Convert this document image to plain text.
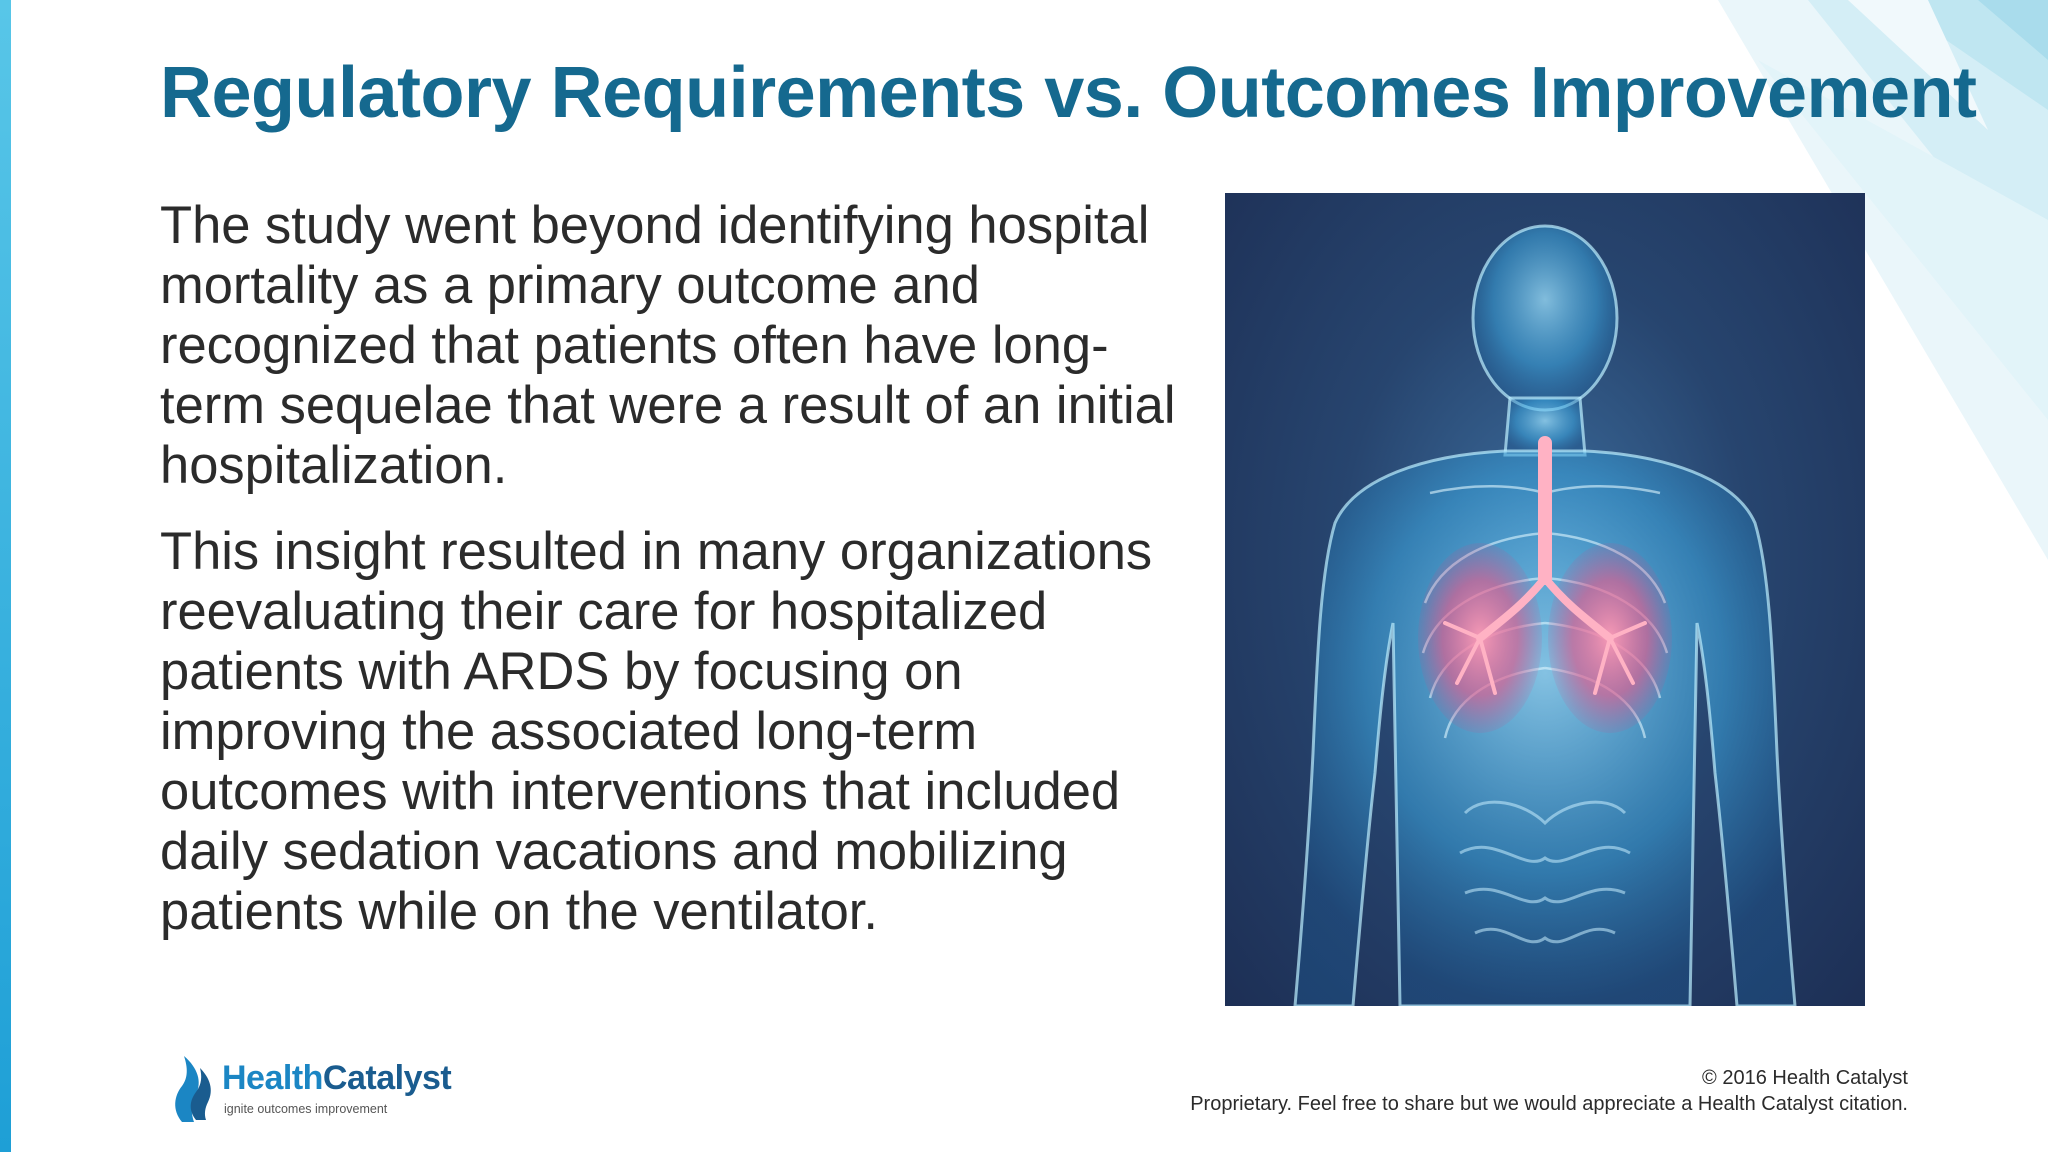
Regulatory Requirements vs. Outcomes Improvement

The study went beyond identifying hospital mortality as a primary outcome and recognized that patients often have long-term sequelae that were a result of an initial hospitalization.

This insight resulted in many organizations reevaluating their care for hospitalized patients with ARDS by focusing on improving the associated long-term outcomes with interventions that included daily sedation vacations and mobilizing patients while on the ventilator.

HealthCatalyst
ignite outcomes improvement
© 2016 Health Catalyst
Proprietary. Feel free to share but we would appreciate a Health Catalyst citation.
